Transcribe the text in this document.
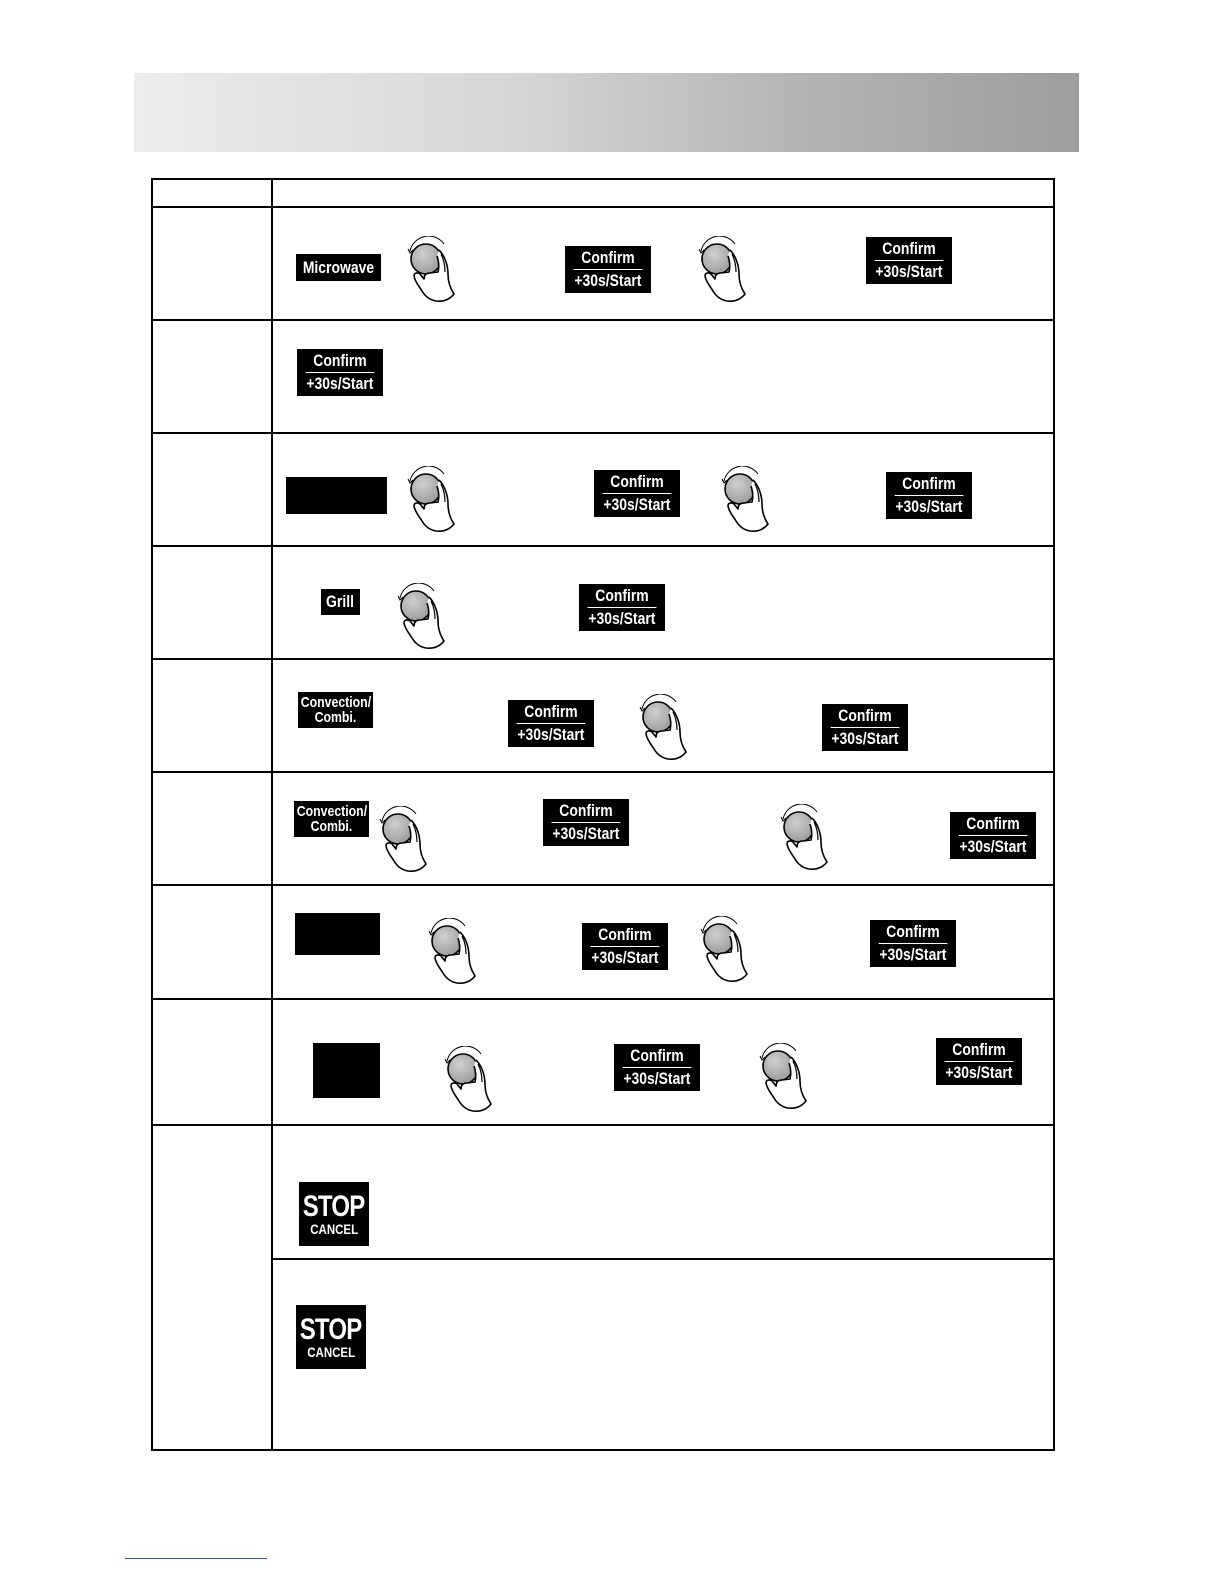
Microwave
Confirm
+30s/Start
Confirm
+30s/Start
Confirm
+30s/Start
Confirm
+30s/Start
Confirm
+30s/Start
Grill	Confirm
+30s/Start
Convection/
Combi.	Confirm
+30s/Start
Confirm
+30s/Start
Convection/
Combi.
Confirm
+30s/Start
Confirm
+30s/Start
Confirm
+30s/Start
Confirm
+30s/Start
Confirm
+30s/Start
Confirm
+30s/Start
STOP
CANCEL
STOP
CANCEL
